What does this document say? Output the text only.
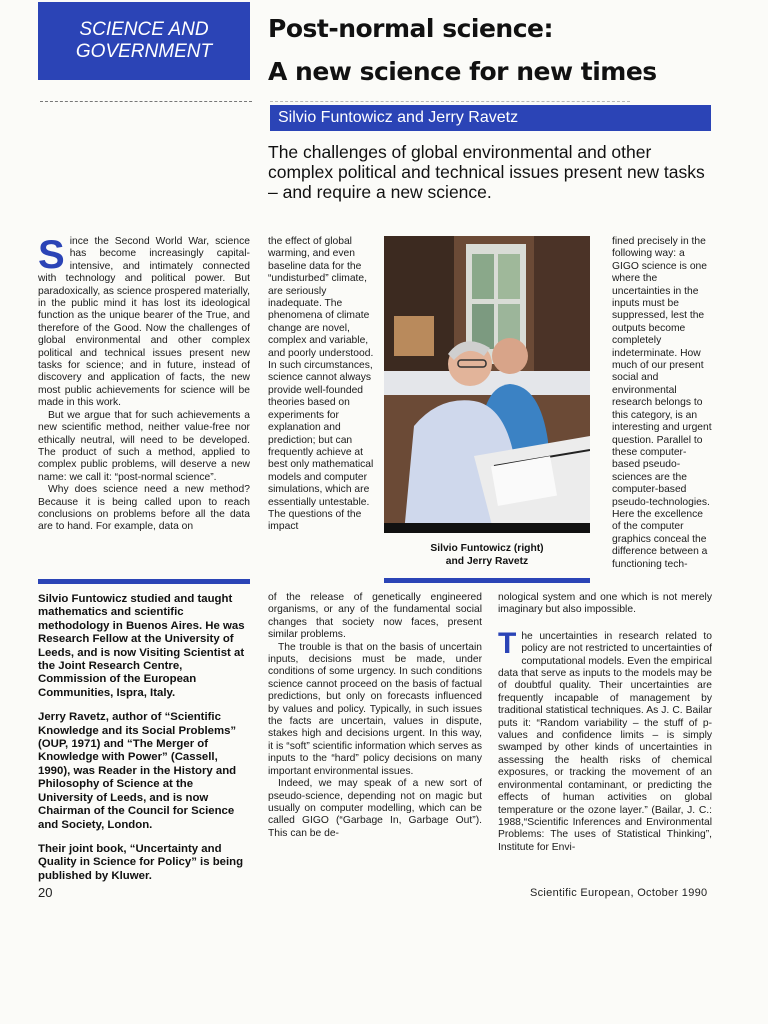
SCIENCE AND
GOVERNMENT
Post-normal science:
A new science for new times
Silvio Funtowicz and Jerry Ravetz
The challenges of global environmental and other complex political and technical issues present new tasks – and require a new science.

Since the Second World War, science has become increasingly capital-intensive, and intimately connected with technology and political power. But paradoxically, as science prospered materially, in the public mind it has lost its ideological function as the unique bearer of the True, and therefore of the Good. Now the challenges of global environmental and other complex political and technical issues present new tasks for science; and in future, instead of discovery and application of facts, the new most public achievements for science will be made in this work.

But we argue that for such achievements a new scientific method, neither value-free nor ethically neutral, will need to be developed. The product of such a method, applied to complex public problems, will deserve a new name: we call it: “post-normal science”.

Why does science need a new method? Because it is being called upon to reach conclusions on problems before all the data are to hand. For example, data on

Silvio Funtowicz studied and taught mathematics and scientific methodology in Buenos Aires. He was Research Fellow at the University of Leeds, and is now Visiting Scientist at the Joint Research Centre, Commission of the European Communities, Ispra, Italy.

Jerry Ravetz, author of “Scientific Knowledge and its Social Problems” (OUP, 1971) and “The Merger of Knowledge with Power” (Cassell, 1990), was Reader in the History and Philosophy of Science at the University of Leeds, and is now Chairman of the Council for Science and Society, London.

Their joint book, “Uncertainty and Quality in Science for Policy” is being published by Kluwer.

the effect of global warming, and even baseline data for the “undisturbed” climate, are seriously inadequate. The phenomena of climate change are novel, complex and variable, and poorly understood. In such circumstances, science cannot always provide well-founded theories based on experiments for explanation and prediction; but can frequently achieve at best only mathematical models and computer simulations, which are essentially untestable. The questions of the impact

Silvio Funtowicz (right)
and Jerry Ravetz

fined precisely in the following way: a GIGO science is one where the uncertainties in the inputs must be suppressed, lest the outputs become completely indeterminate. How much of our present social and environmental research belongs to this category, is an interesting and urgent question. Parallel to these computer-based pseudo-sciences are the computer-based pseudo-technologies. Here the excellence of the computer graphics conceal the difference between a functioning tech-

of the release of genetically engineered organisms, or any of the fundamental social changes that society now faces, present similar problems.

The trouble is that on the basis of uncertain inputs, decisions must be made, under conditions of some urgency. In such conditions science cannot proceed on the basis of factual predictions, but only on forecasts influenced by values and policy. Typically, in such issues the facts are uncertain, values in dispute, stakes high and decisions urgent. In this way, it is “soft” scientific information which serves as inputs to the “hard” policy decisions on many important environmental issues.

Indeed, we may speak of a new sort of pseudo-science, depending not on magic but usually on computer modelling, which can be called GIGO (“Garbage In, Garbage Out”). This can be de-

nological system and one which is not merely imaginary but also impossible.

The uncertainties in research related to policy are not restricted to uncertainties of computational models. Even the empirical data that serve as inputs to the models may be of doubtful quality. Their uncertainties are frequently incapable of management by traditional statistical techniques. As J. C. Bailar puts it: “Random variability – the stuff of p-values and confidence limits – is simply swamped by other kinds of uncertainties in assessing the health risks of chemical exposures, or tracking the movement of an environmental contaminant, or predicting the effects of human activities on global temperature or the ozone layer.” (Bailar, J. C.: 1988,“Scientific Inferences and Environmental Problems: The uses of Statistical Thinking”, Institute for Envi-

20	Scientific European, October 1990
